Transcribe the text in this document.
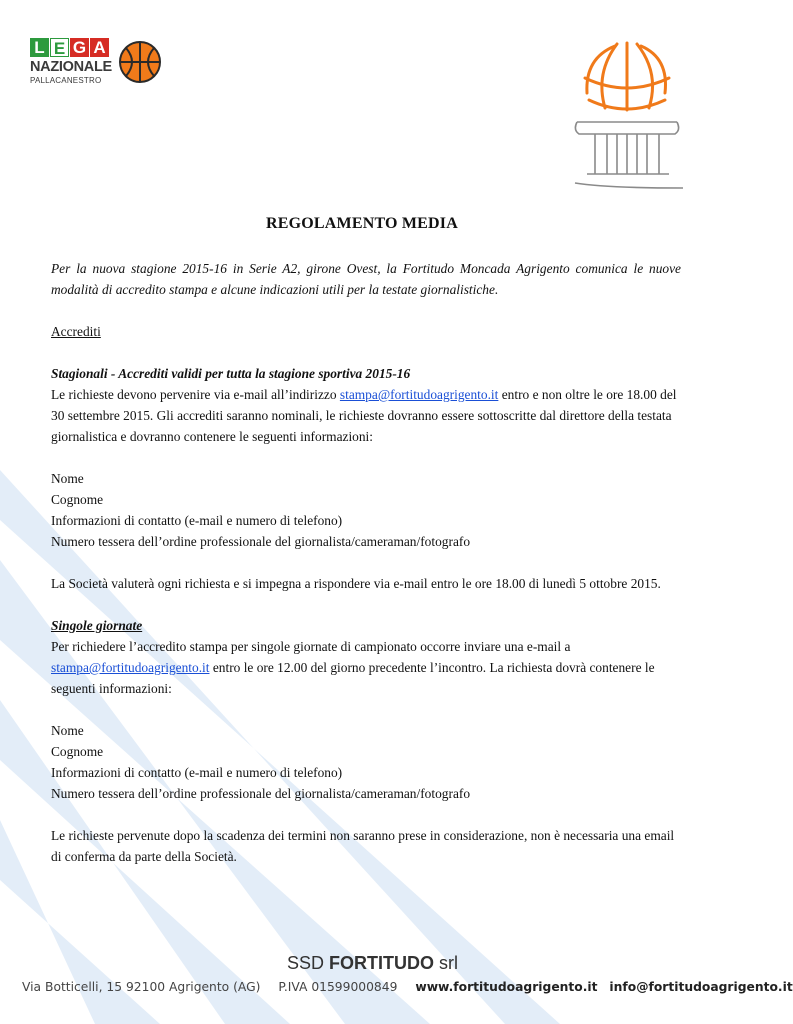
L E G A
NAZIONALE
PALLACANESTRO
REGOLAMENTO MEDIA

Per la nuova stagione 2015-16 in Serie A2, girone Ovest, la Fortitudo Moncada Agrigento comunica le nuove modalità di accredito stampa e alcune indicazioni utili per la testate giornalistiche.

Accrediti

Stagionali - Accrediti validi per tutta la stagione sportiva 2015-16

Le richieste devono pervenire via e-mail all’indirizzo stampa@fortitudoagrigento.it entro e non oltre le ore 18.00 del 30 settembre 2015. Gli accrediti saranno nominali, le richieste dovranno essere sottoscritte dal direttore della testata giornalistica e dovranno contenere le seguenti informazioni:

Nome

Cognome

Informazioni di contatto (e-mail e numero di telefono)

Numero tessera dell’ordine professionale del giornalista/cameraman/fotografo

La Società valuterà ogni richiesta e si impegna a rispondere via e-mail entro le ore 18.00 di lunedì 5 ottobre 2015.

Singole giornate

Per richiedere l’accredito stampa per singole giornate di campionato occorre inviare una e-mail a stampa@fortitudoagrigento.it entro le ore 12.00 del giorno precedente l’incontro. La richiesta dovrà contenere le seguenti informazioni:

Nome

Cognome

Informazioni di contatto (e-mail e numero di telefono)

Numero tessera dell’ordine professionale del giornalista/cameraman/fotografo

Le richieste pervenute dopo la scadenza dei termini non saranno prese in considerazione, non è necessaria una email di conferma da parte della Società.

SSD FORTITUDO srl
Via Botticelli, 15 92100 Agrigento (AG) P.IVA 01599000849 www.fortitudoagrigento.it info@fortitudoagrigento.it
